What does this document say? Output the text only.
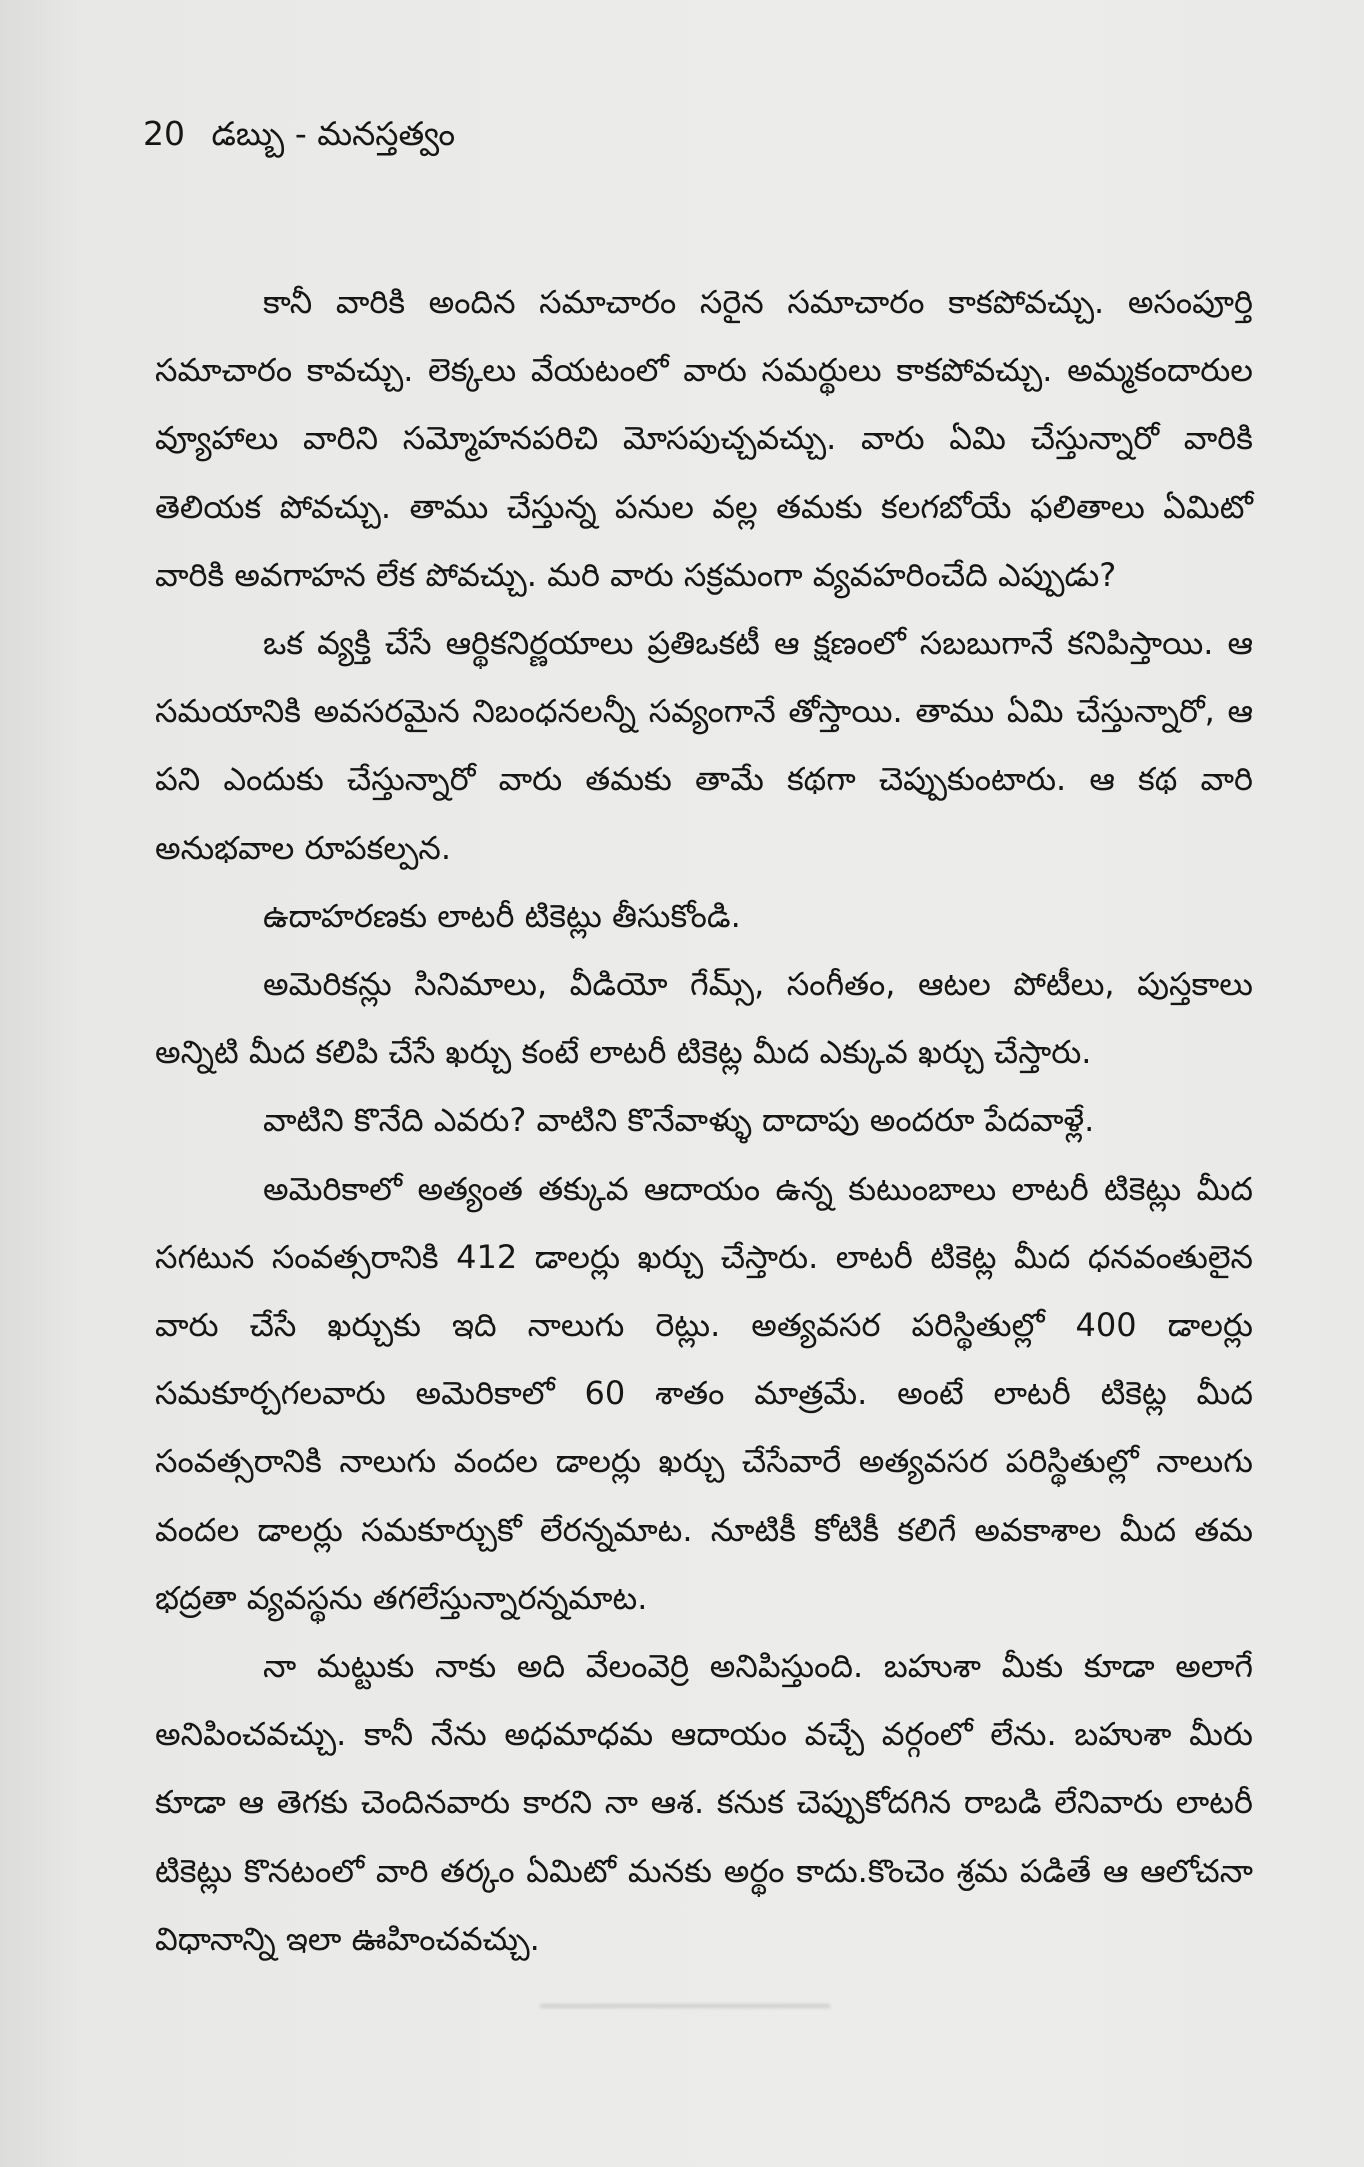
20 డబ్బు - మనస్తత్వం

కానీ వారికి అందిన సమాచారం సరైన సమాచారం కాకపోవచ్చు. అసంపూర్తి సమాచారం కావచ్చు. లెక్కలు వేయటంలో వారు సమర్థులు కాకపోవచ్చు. అమ్మకందారుల వ్యూహాలు వారిని సమ్మోహనపరిచి మోసపుచ్చవచ్చు. వారు ఏమి చేస్తున్నారో వారికి తెలియక పోవచ్చు. తాము చేస్తున్న పనుల వల్ల తమకు కలగబోయే ఫలితాలు ఏమిటో వారికి అవగాహన లేక పోవచ్చు. మరి వారు సక్రమంగా వ్యవహరించేది ఎప్పుడు?

ఒక వ్యక్తి చేసే ఆర్థికనిర్ణయాలు ప్రతిఒకటీ ఆ క్షణంలో సబబుగానే కనిపిస్తాయి. ఆ సమయానికి అవసరమైన నిబంధనలన్నీ సవ్యంగానే తోస్తాయి. తాము ఏమి చేస్తున్నారో, ఆ పని ఎందుకు చేస్తున్నారో వారు తమకు తామే కథగా చెప్పుకుంటారు. ఆ కథ వారి అనుభవాల రూపకల్పన.

ఉదాహరణకు లాటరీ టికెట్లు తీసుకోండి.

అమెరికన్లు సినిమాలు, వీడియో గేమ్స్, సంగీతం, ఆటల పోటీలు, పుస్తకాలు అన్నిటి మీద కలిపి చేసే ఖర్చు కంటే లాటరీ టికెట్ల మీద ఎక్కువ ఖర్చు చేస్తారు.

వాటిని కొనేది ఎవరు? వాటిని కొనేవాళ్ళు దాదాపు అందరూ పేదవాళ్లే.

అమెరికాలో అత్యంత తక్కువ ఆదాయం ఉన్న కుటుంబాలు లాటరీ టికెట్లు మీద సగటున సంవత్సరానికి 412 డాలర్లు ఖర్చు చేస్తారు. లాటరీ టికెట్ల మీద ధనవంతులైన వారు చేసే ఖర్చుకు ఇది నాలుగు రెట్లు. అత్యవసర పరిస్థితుల్లో 400 డాలర్లు సమకూర్చగలవారు అమెరికాలో 60 శాతం మాత్రమే. అంటే లాటరీ టికెట్ల మీద సంవత్సరానికి నాలుగు వందల డాలర్లు ఖర్చు చేసేవారే అత్యవసర పరిస్థితుల్లో నాలుగు వందల డాలర్లు సమకూర్చుకో లేరన్నమాట. నూటికీ కోటికీ కలిగే అవకాశాల మీద తమ భద్రతా వ్యవస్థను తగలేస్తున్నారన్నమాట.

నా మట్టుకు నాకు అది వేలంవెర్రి అనిపిస్తుంది. బహుశా మీకు కూడా అలాగే అనిపించవచ్చు. కానీ నేను అధమాధమ ఆదాయం వచ్చే వర్గంలో లేను. బహుశా మీరు కూడా ఆ తెగకు చెందినవారు కారని నా ఆశ. కనుక చెప్పుకోదగిన రాబడి లేనివారు లాటరీ టికెట్లు కొనటంలో వారి తర్కం ఏమిటో మనకు అర్థం కాదు.కొంచెం శ్రమ పడితే ఆ ఆలోచనా విధానాన్ని ఇలా ఊహించవచ్చు.
